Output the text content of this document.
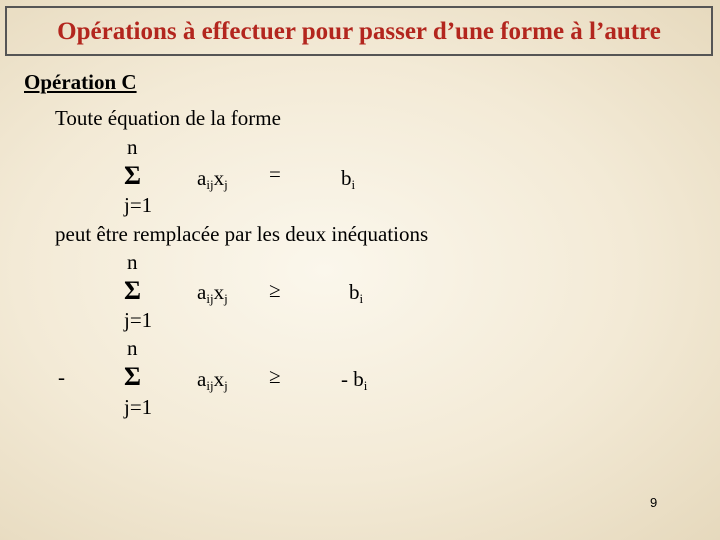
Opérations à effectuer pour passer d’une forme à l’autre
Opération C
Toute équation de la forme
n
Σ	$a_{ij}x_j$ =	$b_i$
j=1
peut être remplacée par les deux inéquations
n
Σ	$a_{ij}x_j$ ≥	$b_i$
j=1
n
- Σ	$a_{ij}x_j$ ≥	- $b_i$
j=1
9
